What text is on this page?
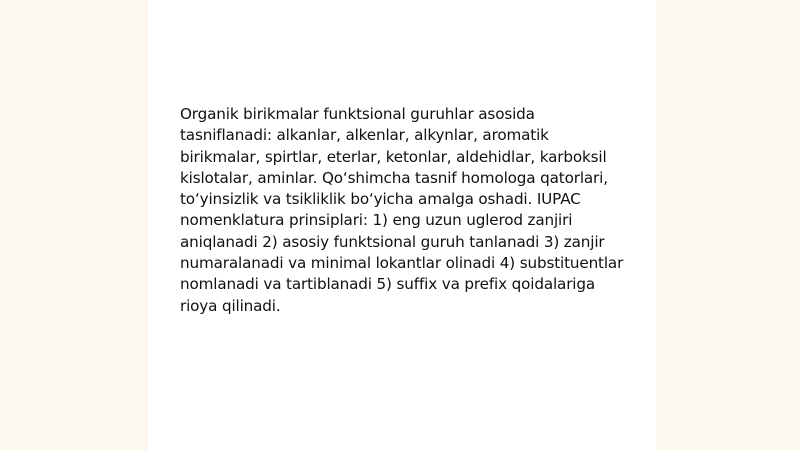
Organik birikmalar funktsional guruhlar asosida tasniflanadi: alkanlar, alkenlar, alkynlar, aromatik birikmalar, spirtlar, eterlar, ketonlar, aldehidlar, karboksil kislotalar, aminlar. Qo‘shimcha tasnif homologa qatorlari, to‘yinsizlik va tsikliklik bo‘yicha amalga oshadi. IUPAC nomenklatura prinsiplari: 1) eng uzun uglerod zanjiri aniqlanadi 2) asosiy funktsional guruh tanlanadi 3) zanjir numaralanadi va minimal lokantlar olinadi 4) substituentlar nomlanadi va tartiblanadi 5) suffix va prefix qoidalariga rioya qilinadi.
